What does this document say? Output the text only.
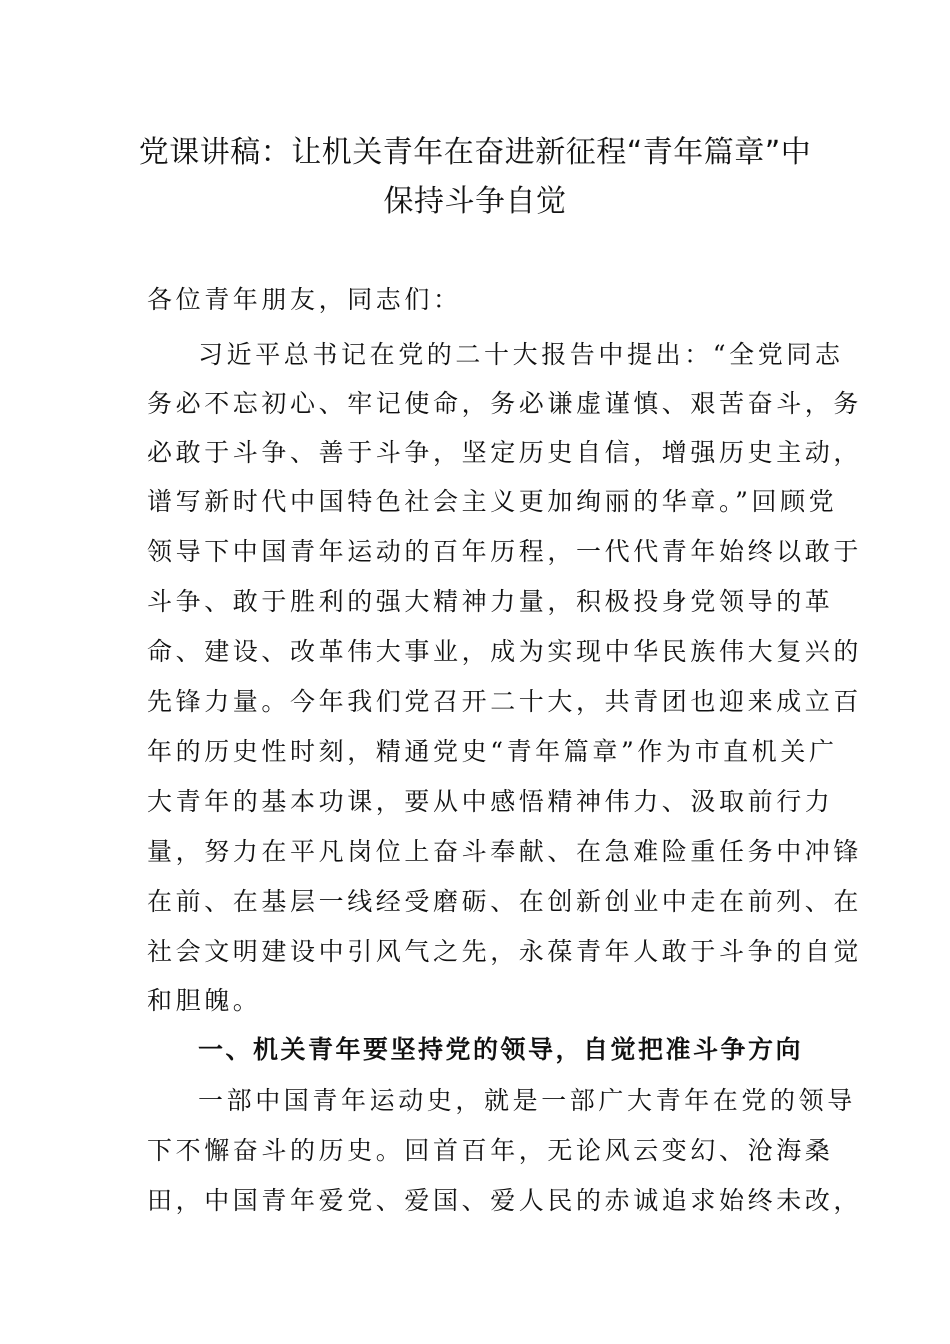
党课讲稿：让机关青年在奋进新征程“青年篇章”中
保持斗争自觉
各位青年朋友，同志们：
习近平总书记在党的二十大报告中提出：“全党同志
务必不忘初心、牢记使命，务必谦虚谨慎、艰苦奋斗，务
必敢于斗争、善于斗争，坚定历史自信，增强历史主动，
谱写新时代中国特色社会主义更加绚丽的华章。”回顾党
领导下中国青年运动的百年历程，一代代青年始终以敢于
斗争、敢于胜利的强大精神力量，积极投身党领导的革
命、建设、改革伟大事业，成为实现中华民族伟大复兴的
先锋力量。今年我们党召开二十大，共青团也迎来成立百
年的历史性时刻，精通党史“青年篇章”作为市直机关广
大青年的基本功课，要从中感悟精神伟力、汲取前行力
量，努力在平凡岗位上奋斗奉献、在急难险重任务中冲锋
在前、在基层一线经受磨砺、在创新创业中走在前列、在
社会文明建设中引风气之先，永葆青年人敢于斗争的自觉
和胆魄。
一、机关青年要坚持党的领导，自觉把准斗争方向
一部中国青年运动史，就是一部广大青年在党的领导
下不懈奋斗的历史。回首百年，无论风云变幻、沧海桑
田，中国青年爱党、爱国、爱人民的赤诚追求始终未改，
